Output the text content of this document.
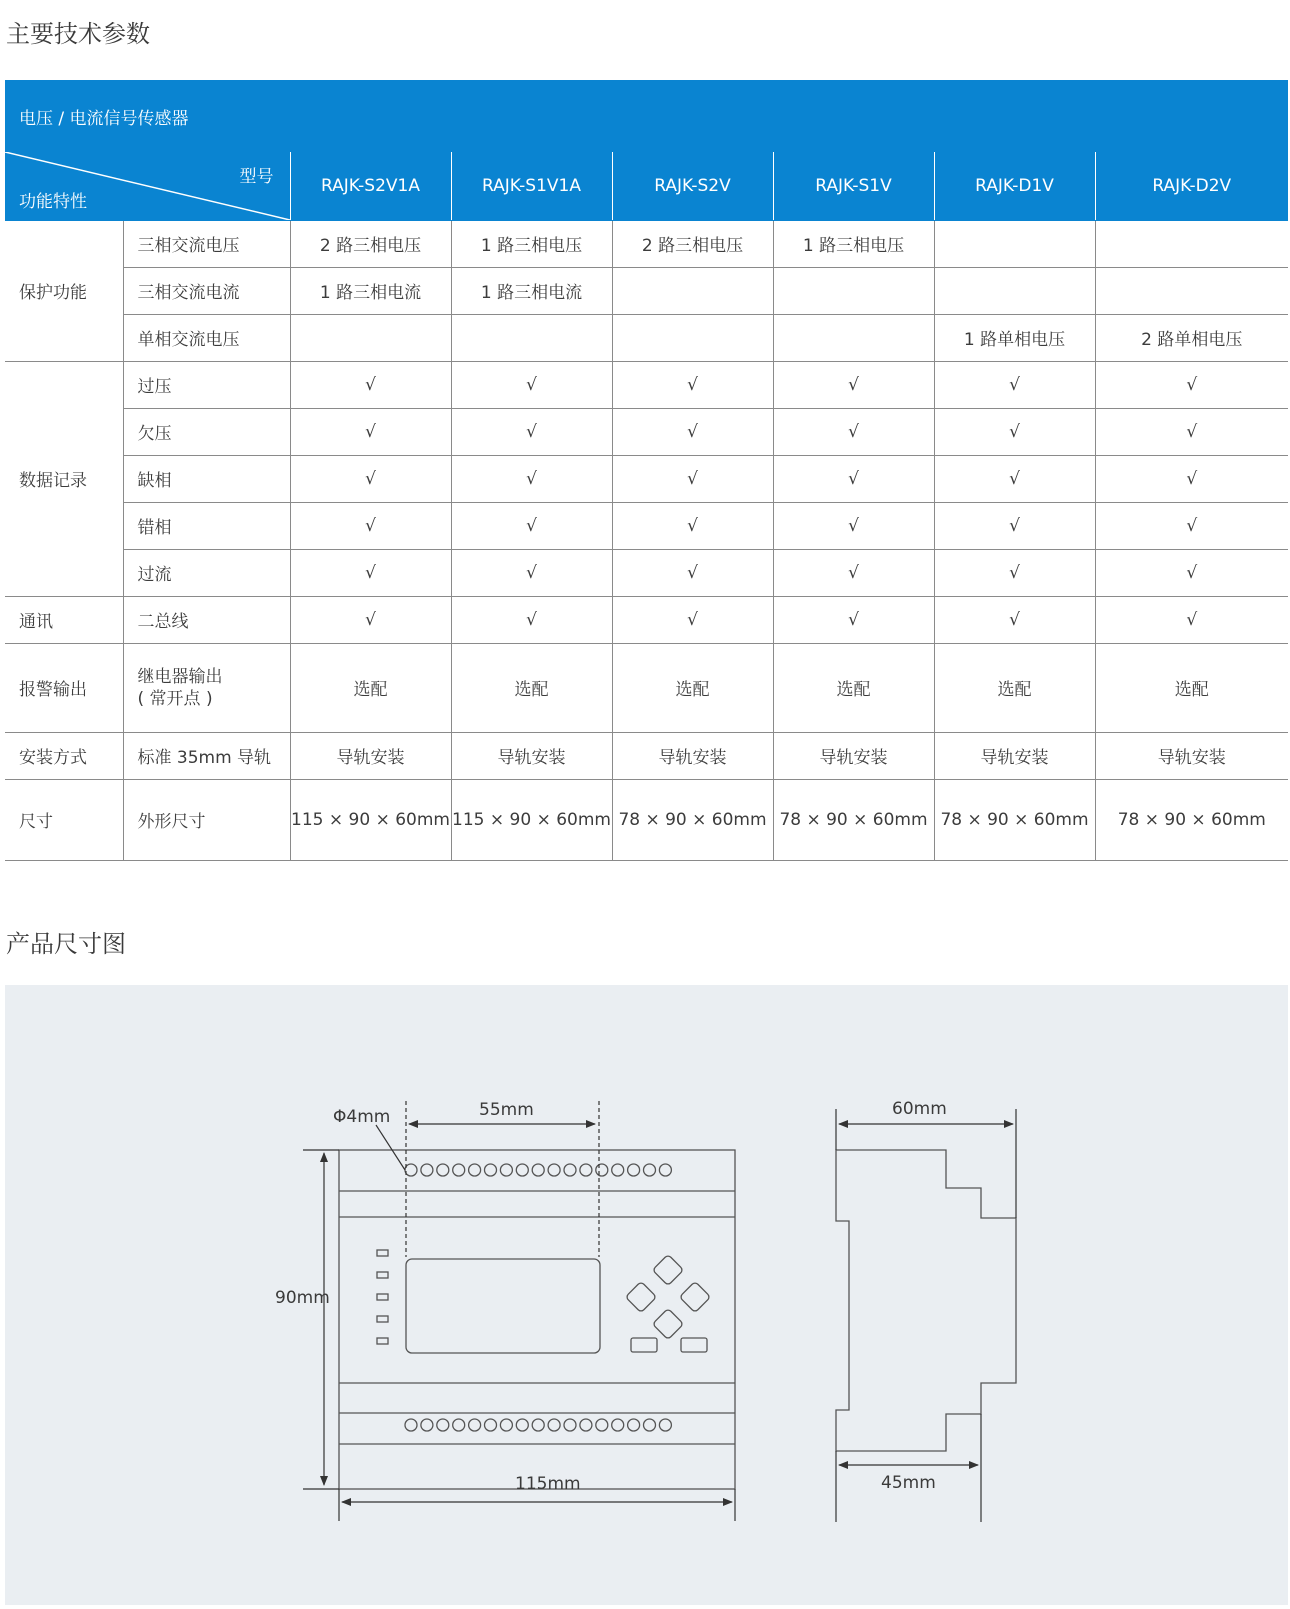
主要技术参数
电压 / 电流信号传感器							

型号
功能特性		RAJK-S2V1A	RAJK-S1V1A	RAJK-S2V	RAJK-S1V	RAJK-D1V	RAJK-D2V
保护功能	三相交流电压	2 路三相电压	1 路三相电压	2 路三相电压	1 路三相电压		
	三相交流电流	1 路三相电流	1 路三相电流				
	单相交流电压					1 路单相电压	2 路单相电压
数据记录	过压	√	√	√	√	√	√
	欠压	√	√	√	√	√	√
	缺相	√	√	√	√	√	√
	错相	√	√	√	√	√	√
	过流	√	√	√	√	√	√
通讯	二总线	√	√	√	√	√	√
报警输出	继电器输出
( 常开点 )	选配	选配	选配	选配	选配	选配
安装方式	标准 35mm 导轨	导轨安装	导轨安装	导轨安装	导轨安装	导轨安装	导轨安装
尺寸	外形尺寸	115 × 90 × 60mm	115 × 90 × 60mm	78 × 90 × 60mm	78 × 90 × 60mm	78 × 90 × 60mm	78 × 90 × 60mm
产品尺寸图
Φ4mm	55mm
90mm
115mm
60mm
45mm
